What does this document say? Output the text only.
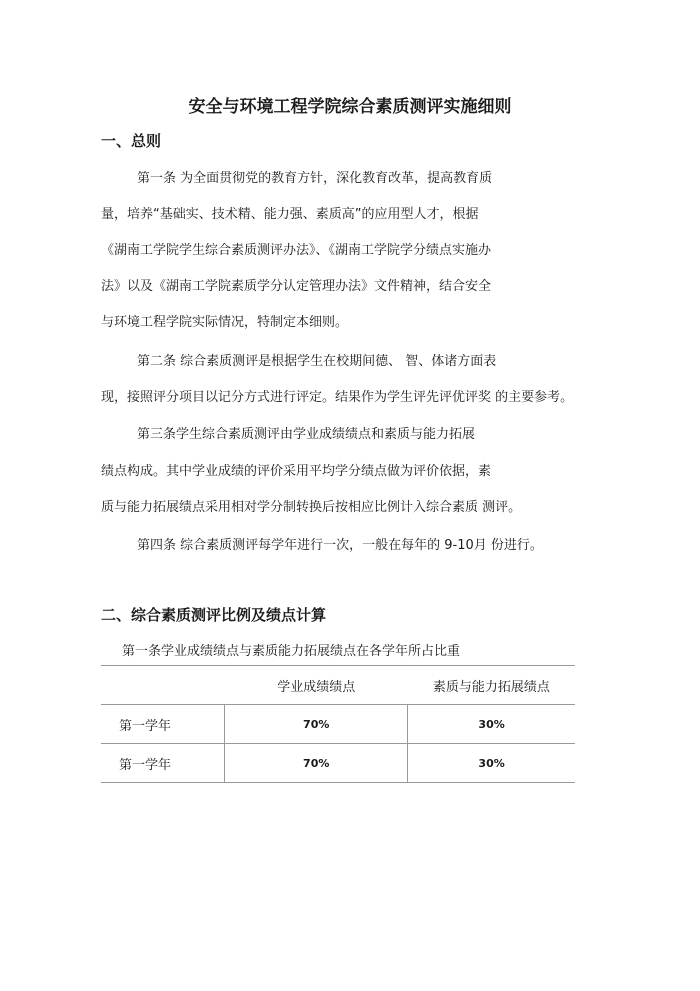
安全与环境工程学院综合素质测评实施细则
一、总则
第一条 为全面贯彻党的教育方针，深化教育改革，提高教育质
量，培养“基础实、技术精、能力强、素质高”的应用型人才，根据
《湖南工学院学生综合素质测评办法》、《湖南工学院学分绩点实施办
法》以及《湖南工学院素质学分认定管理办法》文件精神，结合安全
与环境工程学院实际情况，特制定本细则。
第二条 综合素质测评是根据学生在校期间德、 智、体诸方面表
现，接照评分项目以记分方式进行评定。结果作为学生评先评优评奖 的主要参考。
第三条学生综合素质测评由学业成绩绩点和素质与能力拓展
绩点构成。其中学业成绩的评价采用平均学分绩点做为评价依据，素
质与能力拓展绩点采用相对学分制转换后按相应比例计入综合素质 测评。
第四条 综合素质测评每学年进行一次，一般在每年的 9-10月 份进行。
二、综合素质测评比例及绩点计算
第一条学业成绩绩点与素质能力拓展绩点在各学年所占比重
	学业成绩绩点	素质与能力拓展绩点
第一学年	70%	30%
第一学年	70%	30%
